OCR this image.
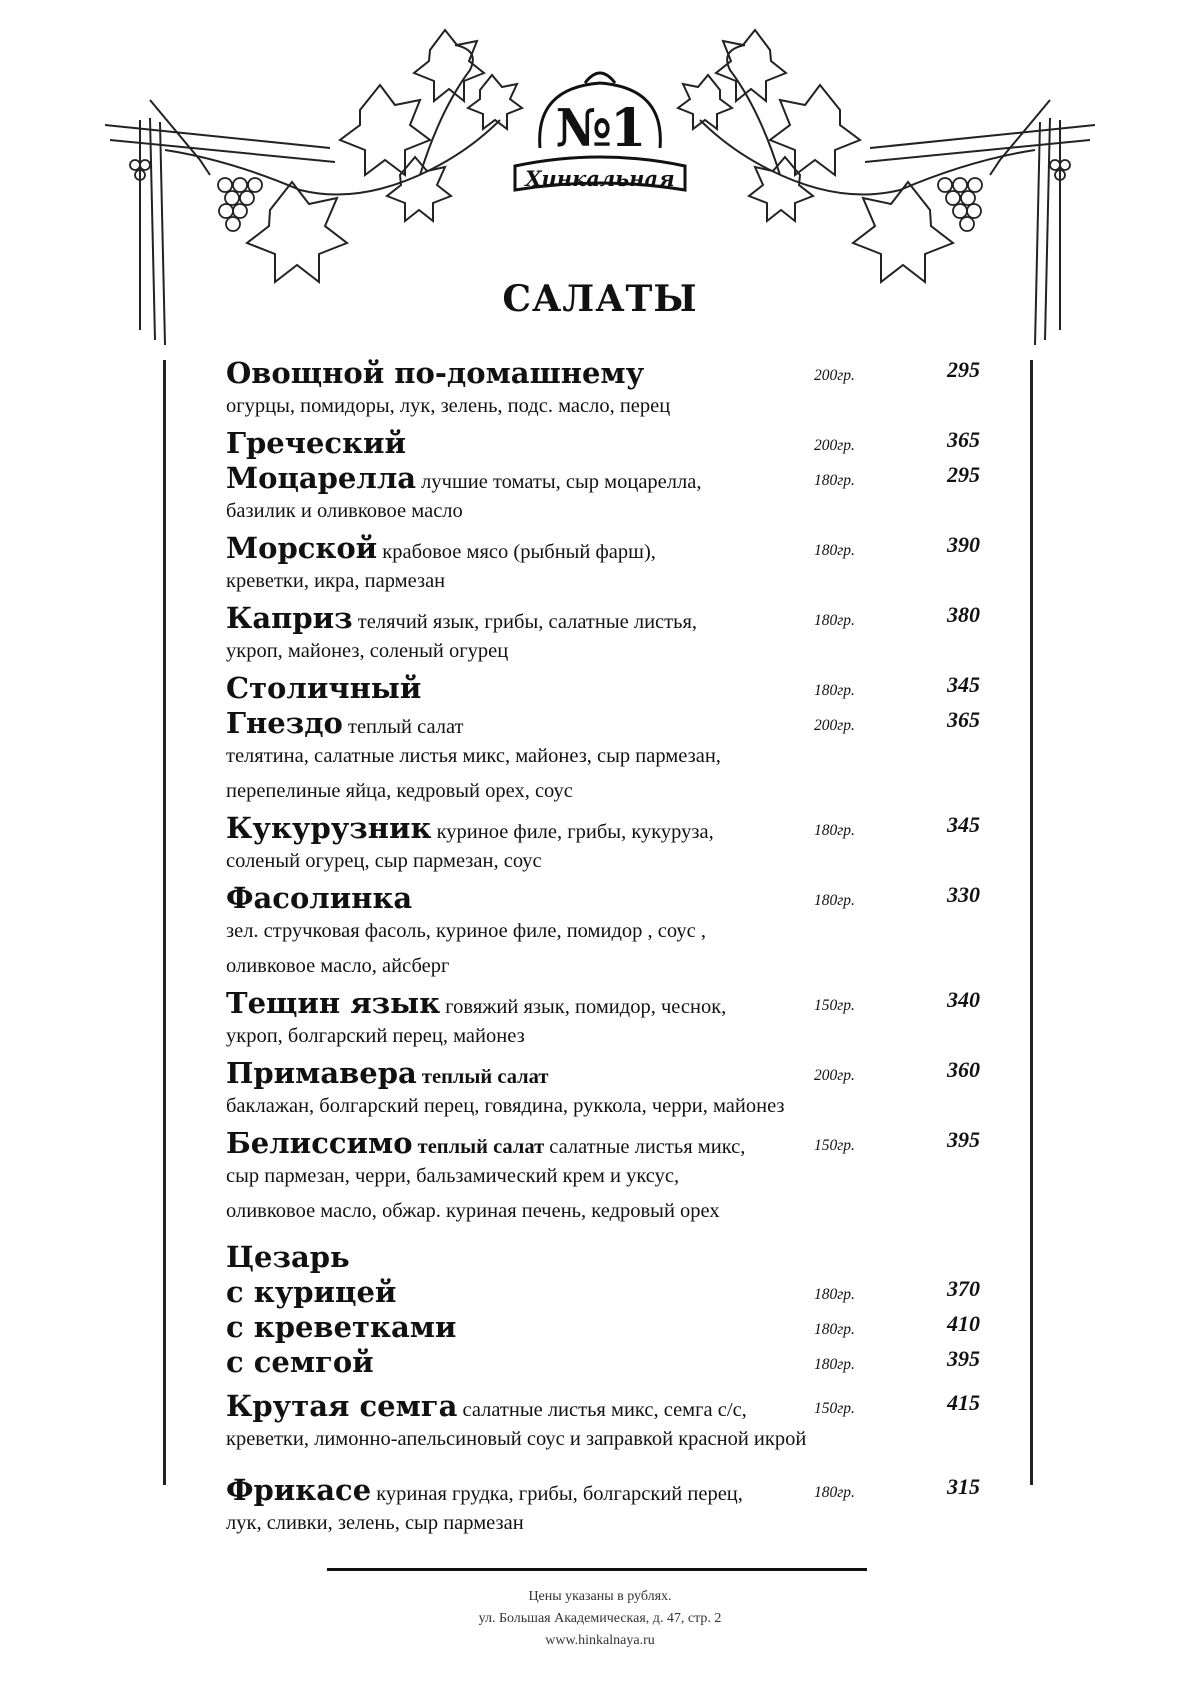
№1
Хинкальная
САЛАТЫ
Овощной по-домашнему	200гр.	295
огурцы, помидоры, лук, зелень, подс. масло, перец
Греческий	200гр.	365
Моцарелла лучшие томаты, сыр моцарелла,	180гр.	295
базилик и оливковое масло
Морской крабовое мясо (рыбный фарш),	180гр.	390
креветки, икра, пармезан
Каприз телячий язык, грибы, салатные листья,	180гр.	380
укроп, майонез, соленый огурец
Столичный	180гр.	345
Гнездо теплый салат	200гр.	365
телятина, салатные листья микс, майонез, сыр пармезан,
перепелиные яйца, кедровый орех, соус
Кукурузник куриное филе, грибы, кукуруза,	180гр.	345
соленый огурец, сыр пармезан, соус
Фасолинка	180гр.	330
зел. стручковая фасоль, куриное филе, помидор , соус ,
оливковое масло, айсберг
Тещин язык говяжий язык, помидор, чеснок,	150гр.	340
укроп, болгарский перец, майонез
Примавера теплый салат	200гр.	360
баклажан, болгарский перец, говядина, руккола, черри, майонез
Белиссимо теплый салат салатные листья микс,	150гр.	395
сыр пармезан, черри, бальзамический крем и уксус,
оливковое масло, обжар. куриная печень, кедровый орех
Цезарь
с курицей	180гр.	370
с креветками	180гр.	410
с семгой	180гр.	395
Крутая семга салатные листья микс, семга с/с,	150гр.	415
креветки, лимонно-апельсиновый соус и заправкой красной икрой
Фрикасе куриная грудка, грибы, болгарский перец,	180гр.	315
лук, сливки, зелень, сыр пармезан
Цены указаны в рублях.
ул. Большая Академическая, д. 47, стр. 2
www.hinkalnaya.ru
